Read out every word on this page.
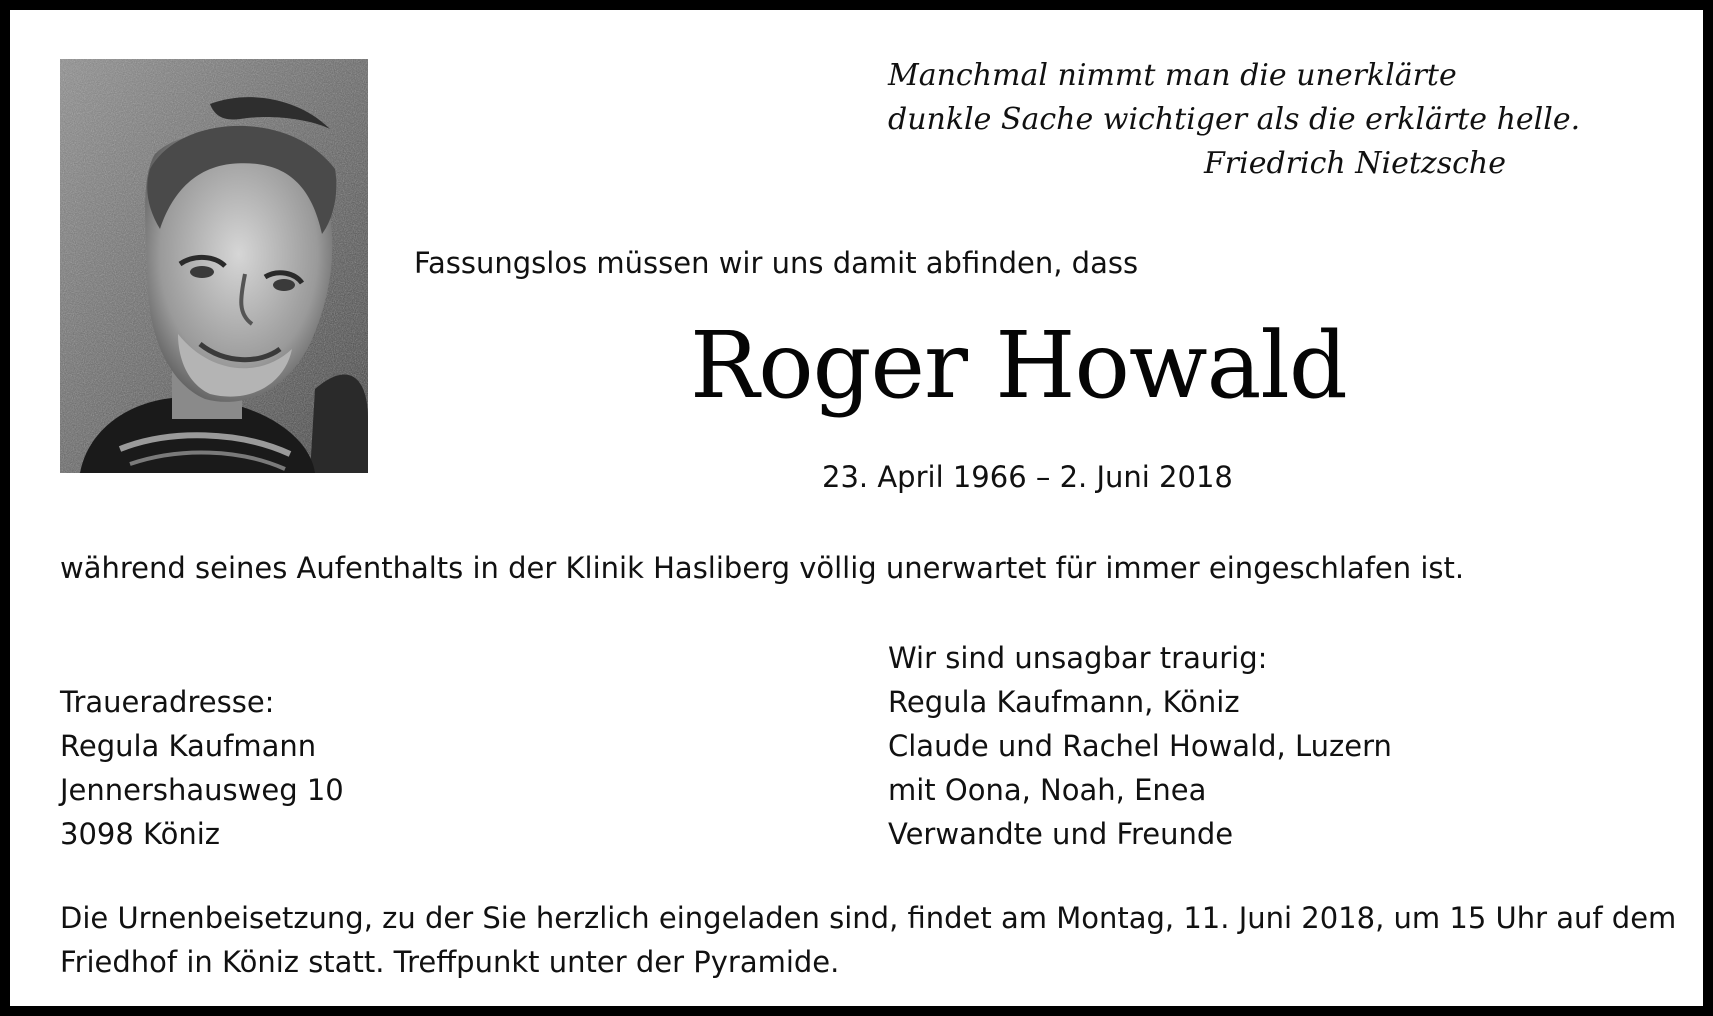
Manchmal nimmt man die unerklärte
dunkle Sache wichtiger als die erklärte helle.
Friedrich Nietzsche
Fassungslos müssen wir uns damit abfinden, dass
Roger Howald
23. April 1966 – 2. Juni 2018
während seines Aufenthalts in der Klinik Hasliberg völlig unerwartet für immer eingeschlafen ist.
Traueradresse:
Regula Kaufmann
Jennershausweg 10
3098 Köniz
Wir sind unsagbar traurig:
Regula Kaufmann, Köniz
Claude und Rachel Howald, Luzern
mit Oona, Noah, Enea
Verwandte und Freunde
Die Urnenbeisetzung, zu der Sie herzlich eingeladen sind, findet am Montag, 11. Juni 2018, um 15 Uhr auf dem
Friedhof in Köniz statt. Treffpunkt unter der Pyramide.
